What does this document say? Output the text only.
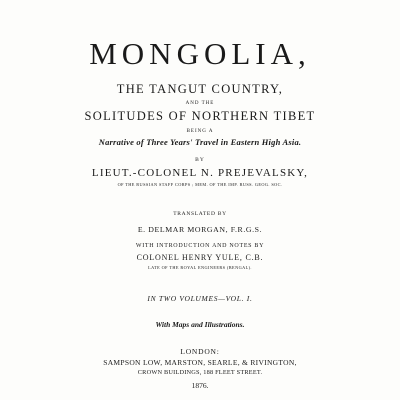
MONGOLIA,
THE TANGUT COUNTRY,
AND THE
SOLITUDES OF NORTHERN TIBET
BEING A
Narrative of Three Years' Travel in Eastern High Asia.
BY
LIEUT.-COLONEL N. PREJEVALSKY,
OF THE RUSSIAN STAFF CORPS ; MEM. OF THE IMP. RUSS. GEOG. SOC.
TRANSLATED BY
E. DELMAR MORGAN, F.R.G.S.
WITH INTRODUCTION AND NOTES BY
COLONEL HENRY YULE, C.B.
LATE OF THE ROYAL ENGINEERS (BENGAL).
IN TWO VOLUMES—VOL. I.
With Maps and Illustrations.
LONDON:
SAMPSON LOW, MARSTON, SEARLE, & RIVINGTON,
CROWN BUILDINGS, 188 FLEET STREET.
1876.
